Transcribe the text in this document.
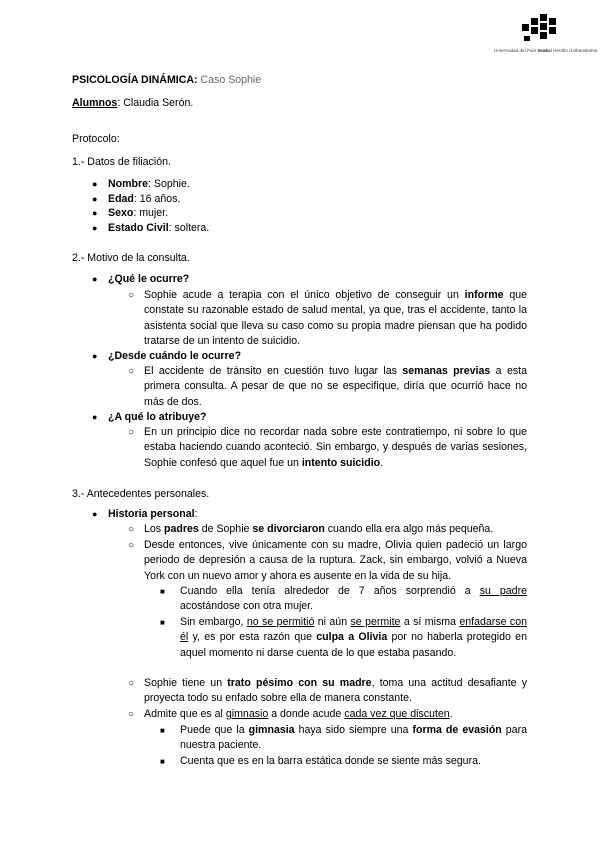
Universidad del País Vasco
Euskal Herriko Unibertsitatea
PSICOLOGÍA DINÁMICA: Caso Sophie
Alumnos: Claudia Serón.
Protocolo:
1.- Datos de filiación.
● Nombre: Sophie.
● Edad: 16 años.
● Sexo: mujer.
● Estado Civil: soltera.
2.- Motivo de la consulta.
● ¿Qué le ocurre?
○ Sophie acude a terapia con el único objetivo de conseguir un informe que constate su razonable estado de salud mental, ya que, tras el accidente, tanto la asistenta social que lleva su caso como su propia madre piensan que ha podido tratarse de un intento de suicidio.
● ¿Desde cuándo le ocurre?
○ El accidente de tránsito en cuestión tuvo lugar las semanas previas a esta primera consulta. A pesar de que no se especifique, diría que ocurrió hace no más de dos.
● ¿A qué lo atribuye?
○ En un principio dice no recordar nada sobre este contratiempo, ni sobre lo que estaba haciendo cuando aconteció. Sin embargo, y después de varias sesiones, Sophie confesó que aquel fue un intento suicidio.
3.- Antecedentes personales.
● Historia personal:
○ Los padres de Sophie se divorciaron cuando ella era algo más pequeña.
○ Desde entonces, vive únicamente con su madre, Olivia quien padeció un largo periodo de depresión a causa de la ruptura. Zack, sin embargo, volvió a Nueva York con un nuevo amor y ahora es ausente en la vida de su hija.
■ Cuando ella tenía alrededor de 7 años sorprendió a su padre acostándose con otra mujer.
■ Sin embargo, no se permitió ni aún se permite a sí misma enfadarse con él y, es por esta razón que culpa a Olivia por no haberla protegido en aquel momento ni darse cuenta de lo que estaba pasando.
○ Sophie tiene un trato pésimo con su madre, toma una actitud desafiante y proyecta todo su enfado sobre ella de manera constante.
○ Admite que es al gimnasio a donde acude cada vez que discuten.
■ Puede que la gimnasia haya sido siempre una forma de evasión para nuestra paciente.
■ Cuenta que es en la barra estática donde se siente más segura.
